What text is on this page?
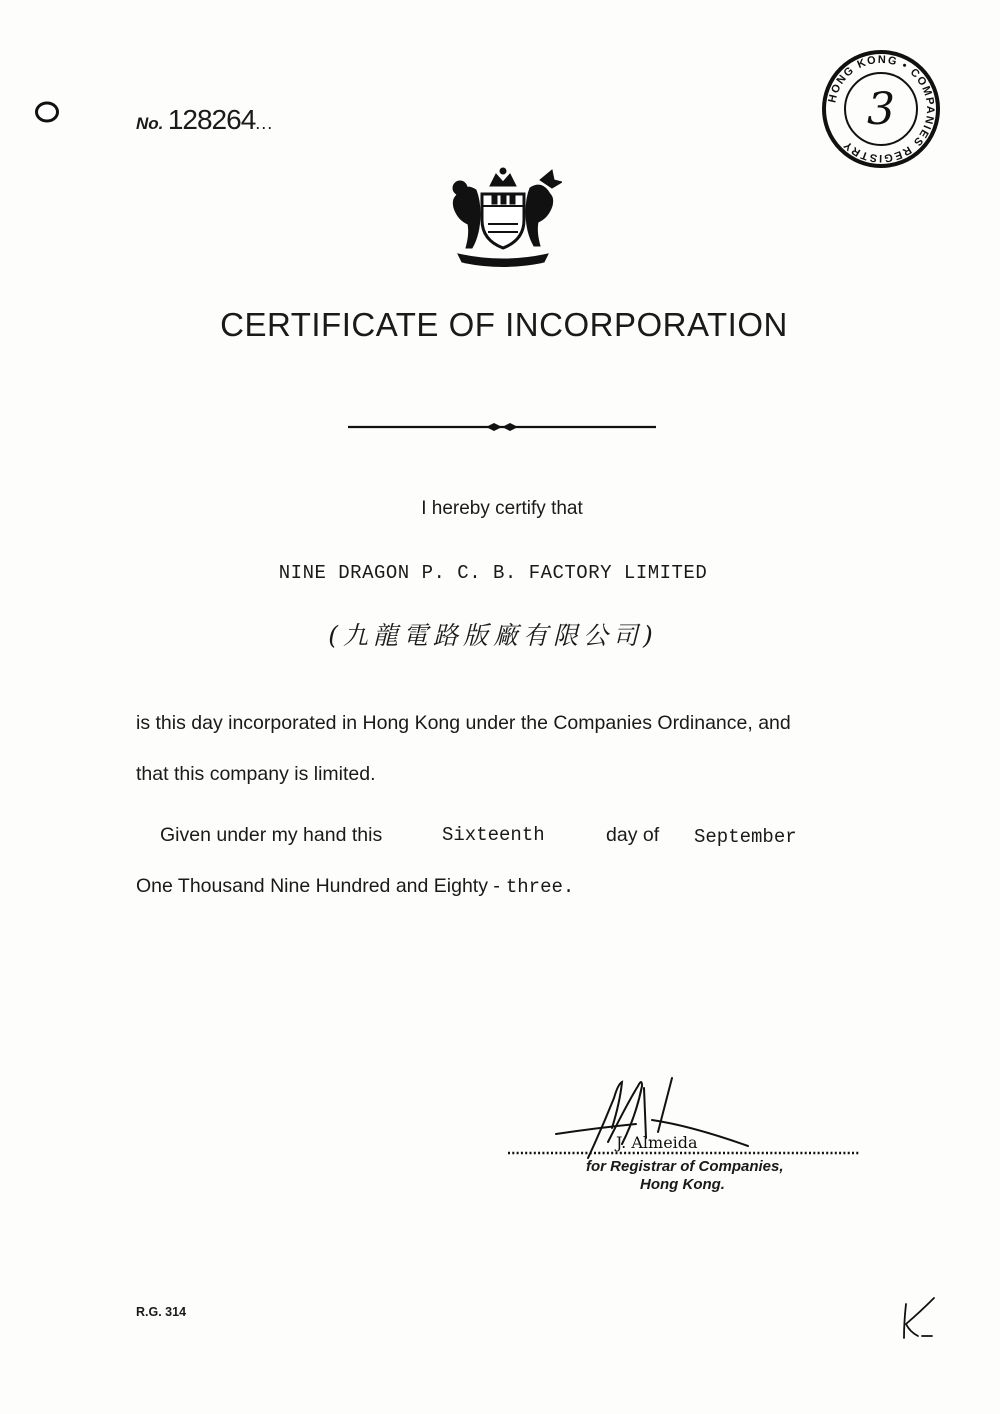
No. 128264...
HONG KONG • COMPANIES REGISTRY
3
CERTIFICATE OF INCORPORATION
I hereby certify that
NINE DRAGON P. C. B. FACTORY LIMITED
(九龍電路版廠有限公司)
is this day incorporated in Hong Kong under the Companies Ordinance, and
that this company is limited.
Given under my hand this	Sixteenth	day of September
One Thousand Nine Hundred and Eighty - three.
J. Almeida
for Registrar of Companies,
Hong Kong.
R.G. 314
